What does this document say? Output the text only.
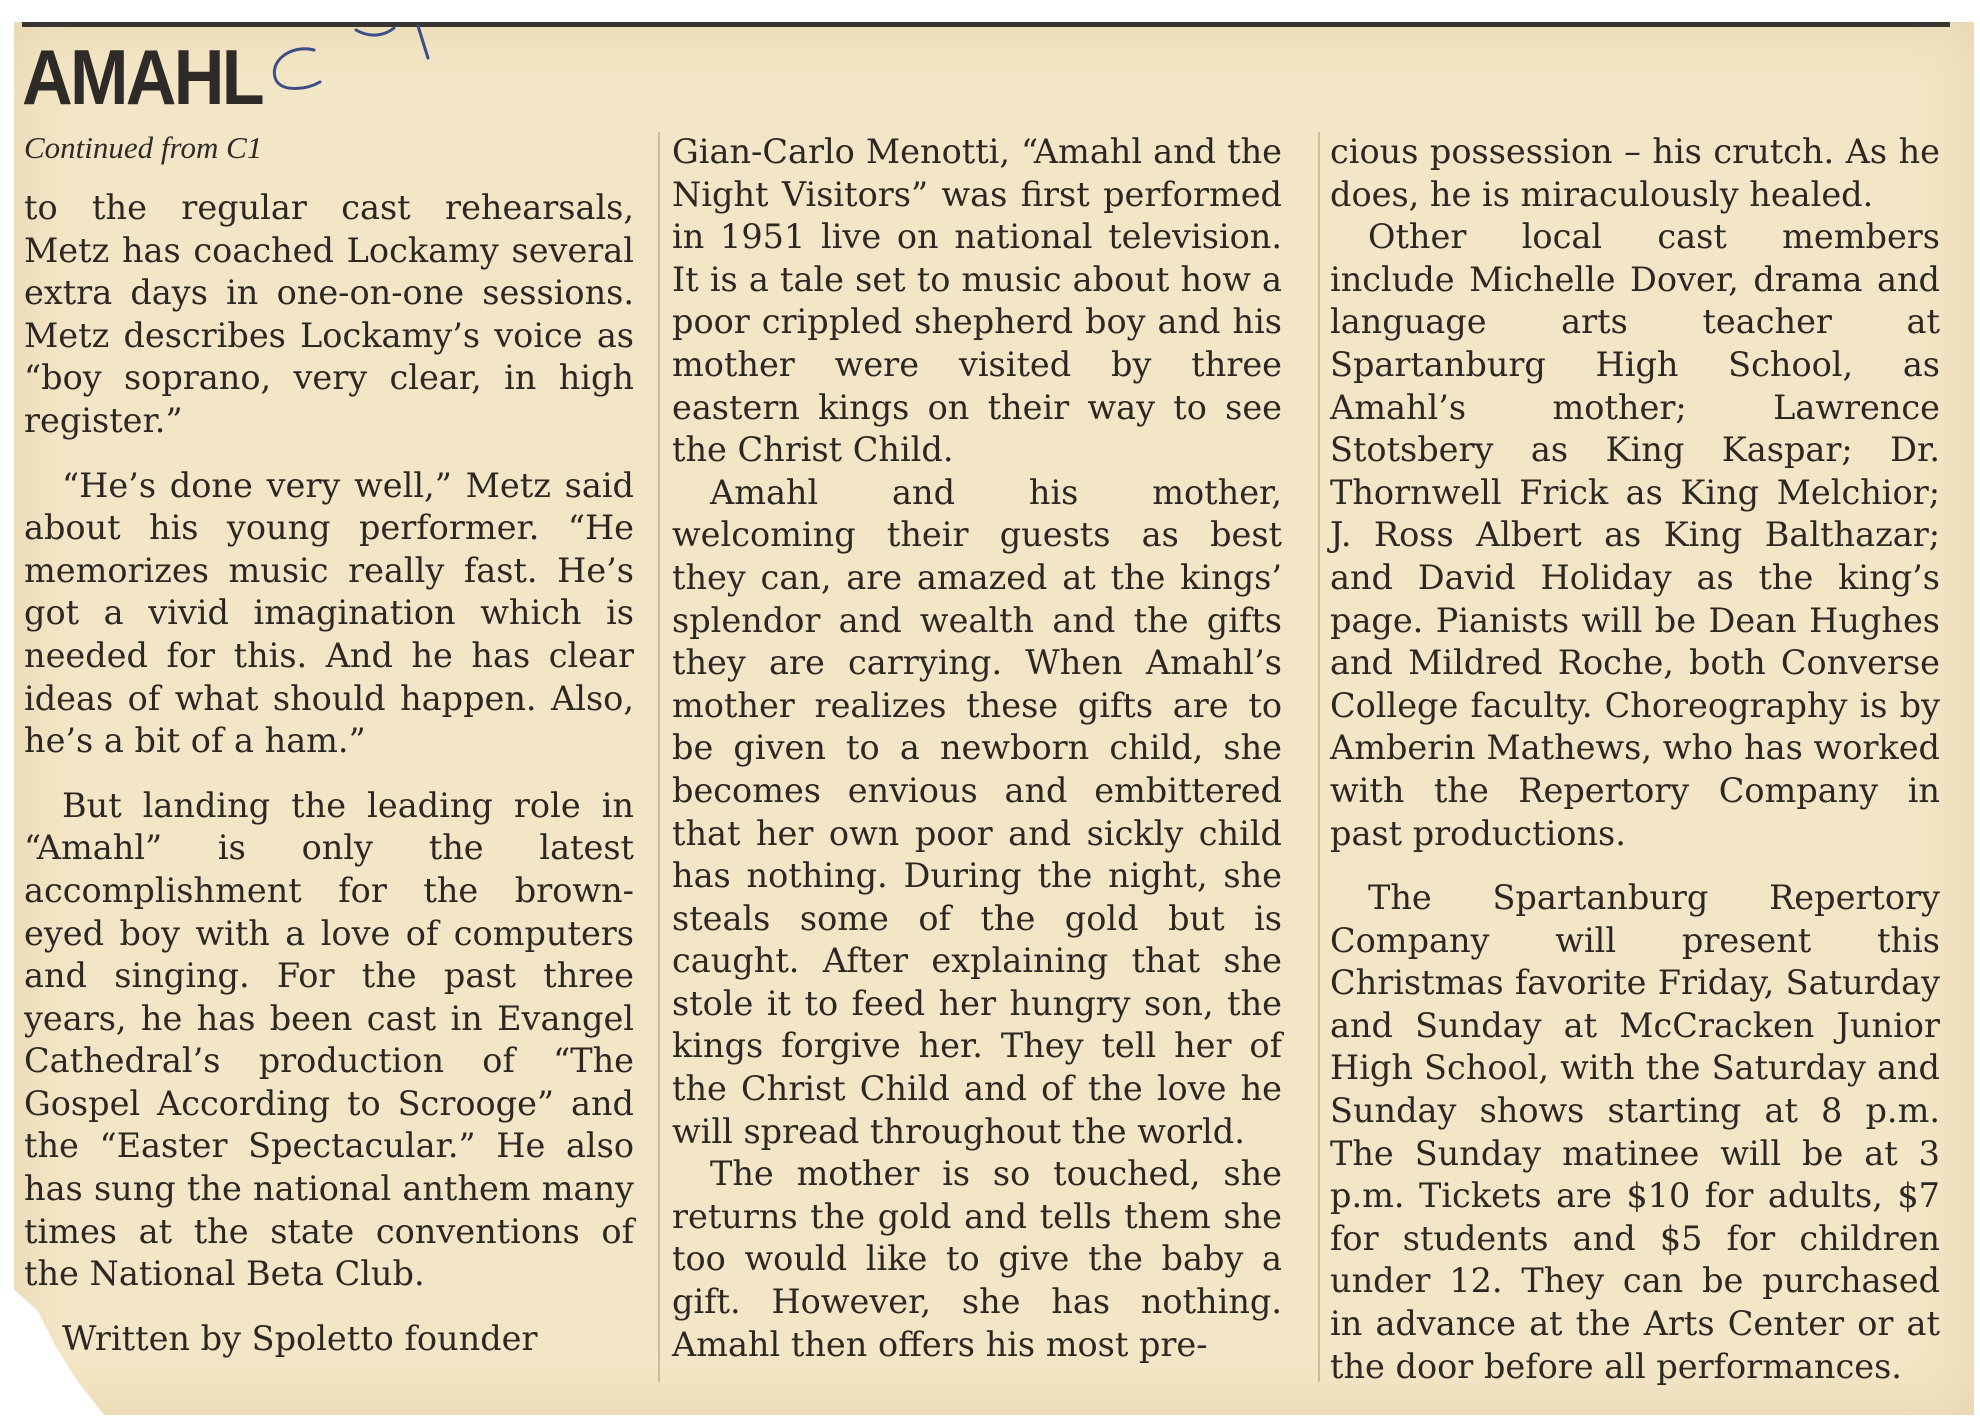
AMAHL	C
Continued from C1

to the regular cast rehearsals, Metz has coached Lockamy several extra days in one-on-one sessions. Metz describes Lockamy’s voice as “boy soprano, very clear, in high register.”

“He’s done very well,” Metz said about his young performer. “He memorizes music really fast. He’s got a vivid imagination which is needed for this. And he has clear ideas of what should happen. Also, he’s a bit of a ham.”

But landing the leading role in “Amahl” is only the latest accomplishment for the brown-eyed boy with a love of computers and singing. For the past three years, he has been cast in Evangel Cathedral’s production of “The Gospel According to Scrooge” and the “Easter Spectacular.” He also has sung the national anthem many times at the state conventions of the National Beta Club.

Written by Spoletto founder

Gian-Carlo Menotti, “Amahl and the Night Visitors” was first performed in 1951 live on national television. It is a tale set to music about how a poor crippled shepherd boy and his mother were visited by three eastern kings on their way to see the Christ Child.

Amahl and his mother, welcoming their guests as best they can, are amazed at the kings’ splendor and wealth and the gifts they are carrying. When Amahl’s mother realizes these gifts are to be given to a newborn child, she becomes envious and embittered that her own poor and sickly child has nothing. During the night, she steals some of the gold but is caught. After explaining that she stole it to feed her hungry son, the kings forgive her. They tell her of the Christ Child and of the love he will spread throughout the world.

The mother is so touched, she returns the gold and tells them she too would like to give the baby a gift. However, she has nothing. Amahl then offers his most pre-

cious possession – his crutch. As he does, he is miraculously healed.

Other local cast members include Michelle Dover, drama and language arts teacher at Spartanburg High School, as Amahl’s mother; Lawrence Stotsbery as King Kaspar; Dr. Thornwell Frick as King Melchior; J. Ross Albert as King Balthazar; and David Holiday as the king’s page. Pianists will be Dean Hughes and Mildred Roche, both Converse College faculty. Choreography is by Amberin Mathews, who has worked with the Repertory Company in past productions.

The Spartanburg Repertory Company will present this Christmas favorite Friday, Saturday and Sunday at McCracken Junior High School, with the Saturday and Sunday shows starting at 8 p.m. The Sunday matinee will be at 3 p.m. Tickets are $10 for adults, $7 for students and $5 for children under 12. They can be purchased in advance at the Arts Center or at the door before all performances.
